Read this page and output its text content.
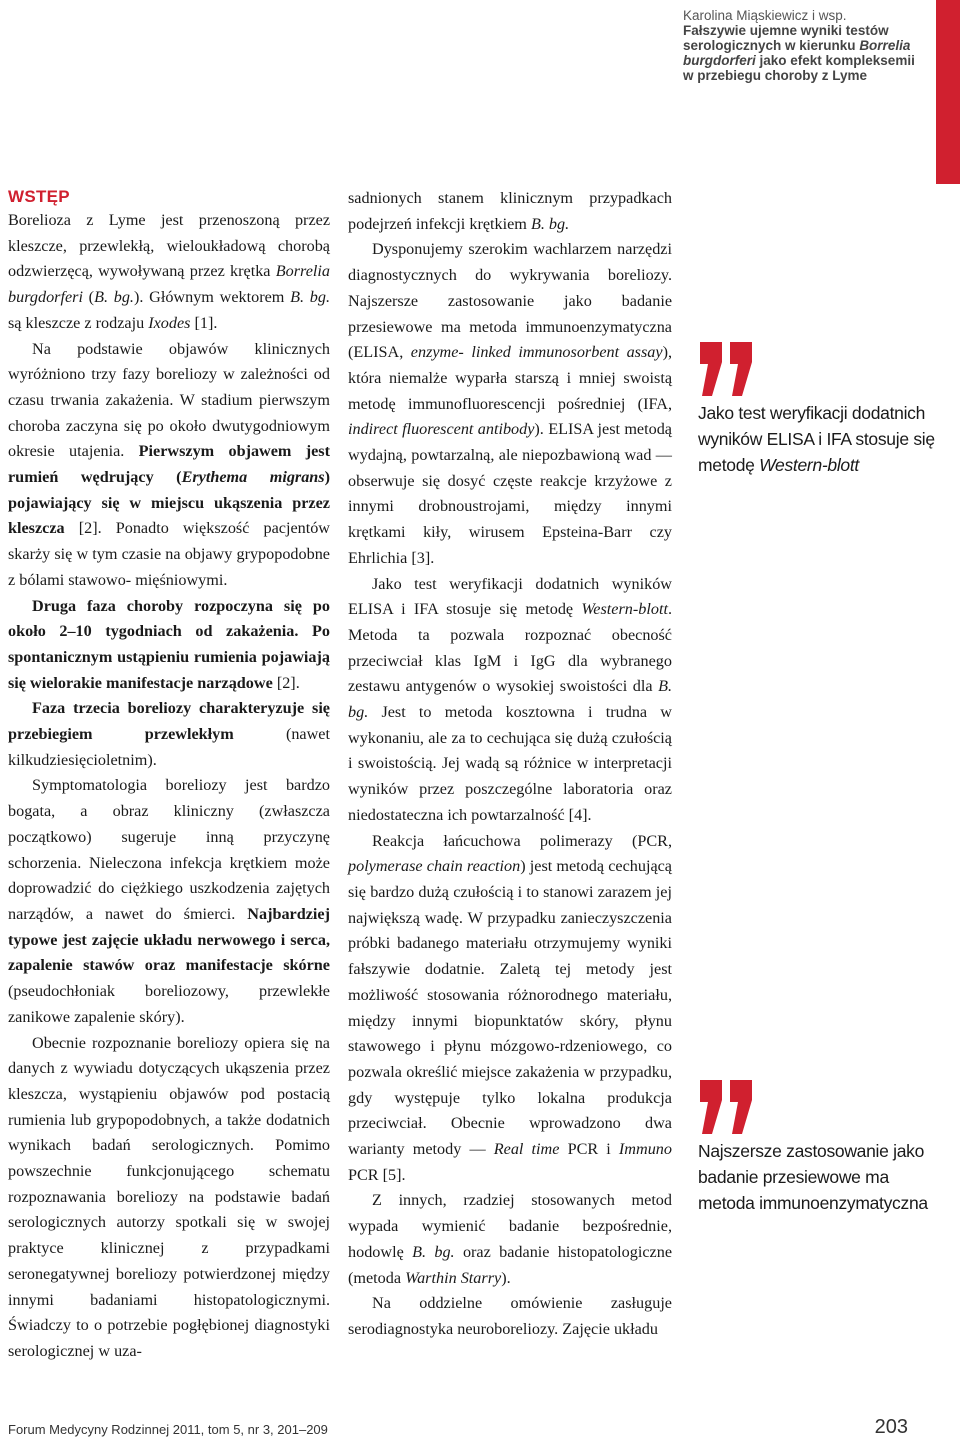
Karolina Miąskiewicz i wsp.
Fałszywie ujemne wyniki testów
serologicznych w kierunku Borrelia
burgdorferi jako efekt kompleksemii
w przebiegu choroby z Lyme
WSTĘP

Borelioza z Lyme jest przenoszoną przez kleszcze, przewlekłą, wieloukładową chorobą odzwierzęcą, wywoływaną przez krętka Borrelia burgdorferi (B. bg.). Głównym wektorem B. bg. są kleszcze z rodzaju Ixodes [1].

Na podstawie objawów klinicznych wyróżniono trzy fazy boreliozy w zależności od czasu trwania zakażenia. W stadium pierwszym choroba zaczyna się po około dwutygodniowym okresie utajenia. Pierwszym objawem jest rumień wędrujący (Erythema migrans) pojawiający się w miejscu ukąszenia przez kleszcza [2]. Ponadto większość pacjentów skarży się w tym czasie na objawy grypopodobne z bólami stawowo- mięśniowymi.

Druga faza choroby rozpoczyna się po około 2–10 tygodniach od zakażenia. Po spontanicznym ustąpieniu rumienia pojawiają się wielorakie manifestacje narządowe [2].

Faza trzecia boreliozy charakteryzuje się przebiegiem przewlekłym (nawet kilkudziesięcioletnim).

Symptomatologia boreliozy jest bardzo bogata, a obraz kliniczny (zwłaszcza początkowo) sugeruje inną przyczynę schorzenia. Nieleczona infekcja krętkiem może doprowadzić do ciężkiego uszkodzenia zajętych narządów, a nawet do śmierci. Najbardziej typowe jest zajęcie układu nerwowego i serca, zapalenie stawów oraz manifestacje skórne (pseudochłoniak boreliozowy, przewlekłe zanikowe zapalenie skóry).

Obecnie rozpoznanie boreliozy opiera się na danych z wywiadu dotyczących ukąszenia przez kleszcza, wystąpieniu objawów pod postacią rumienia lub grypopodobnych, a także dodatnich wynikach badań serologicznych. Pomimo powszechnie funkcjonującego schematu rozpoznawania boreliozy na podstawie badań serologicznych autorzy spotkali się w swojej praktyce klinicznej z przypadkami seronegatywnej boreliozy potwierdzonej między innymi badaniami histopatologicznymi. Świadczy to o potrzebie pogłębionej diagnostyki serologicznej w uza-

sadnionych stanem klinicznym przypadkach podejrzeń infekcji krętkiem B. bg.

Dysponujemy szerokim wachlarzem narzędzi diagnostycznych do wykrywania boreliozy. Najszersze zastosowanie jako badanie przesiewowe ma metoda immunoenzymatyczna (ELISA, enzyme- linked immunosorbent assay), która niemalże wyparła starszą i mniej swoistą metodę immunofluorescencji pośredniej (IFA, indirect fluorescent antibody). ELISA jest metodą wydajną, powtarzalną, ale niepozbawioną wad — obserwuje się dosyć częste reakcje krzyżowe z innymi drobnoustrojami, między innymi krętkami kiły, wirusem Epsteina-Barr czy Ehrlichia [3].

Jako test weryfikacji dodatnich wyników ELISA i IFA stosuje się metodę Western-blott. Metoda ta pozwala rozpoznać obecność przeciwciał klas IgM i IgG dla wybranego zestawu antygenów o wysokiej swoistości dla B. bg. Jest to metoda kosztowna i trudna w wykonaniu, ale za to cechująca się dużą czułością i swoistością. Jej wadą są różnice w interpretacji wyników przez poszczególne laboratoria oraz niedostateczna ich powtarzalność [4].

Reakcja łańcuchowa polimerazy (PCR, polymerase chain reaction) jest metodą cechującą się bardzo dużą czułością i to stanowi zarazem jej największą wadę. W przypadku zanieczyszczenia próbki badanego materiału otrzymujemy wyniki fałszywie dodatnie. Zaletą tej metody jest możliwość stosowania różnorodnego materiału, między innymi biopunktatów skóry, płynu stawowego i płynu mózgowo-rdzeniowego, co pozwala określić miejsce zakażenia w przypadku, gdy występuje tylko lokalna produkcja przeciwciał. Obecnie wprowadzono dwa warianty metody — Real time PCR i Immuno PCR [5].

Z innych, rzadziej stosowanych metod wypada wymienić badanie bezpośrednie, hodowlę B. bg. oraz badanie histopatologiczne (metoda Warthin Starry).

Na oddzielne omówienie zasługuje serodiagnostyka neuroboreliozy. Zajęcie układu

Jako test weryfikacji dodatnich wyników ELISA i IFA stosuje się metodę Western-blott
Najszersze zastosowanie jako badanie przesiewowe ma metoda immunoenzymatyczna
Forum Medycyny Rodzinnej 2011, tom 5, nr 3, 201–209	203
